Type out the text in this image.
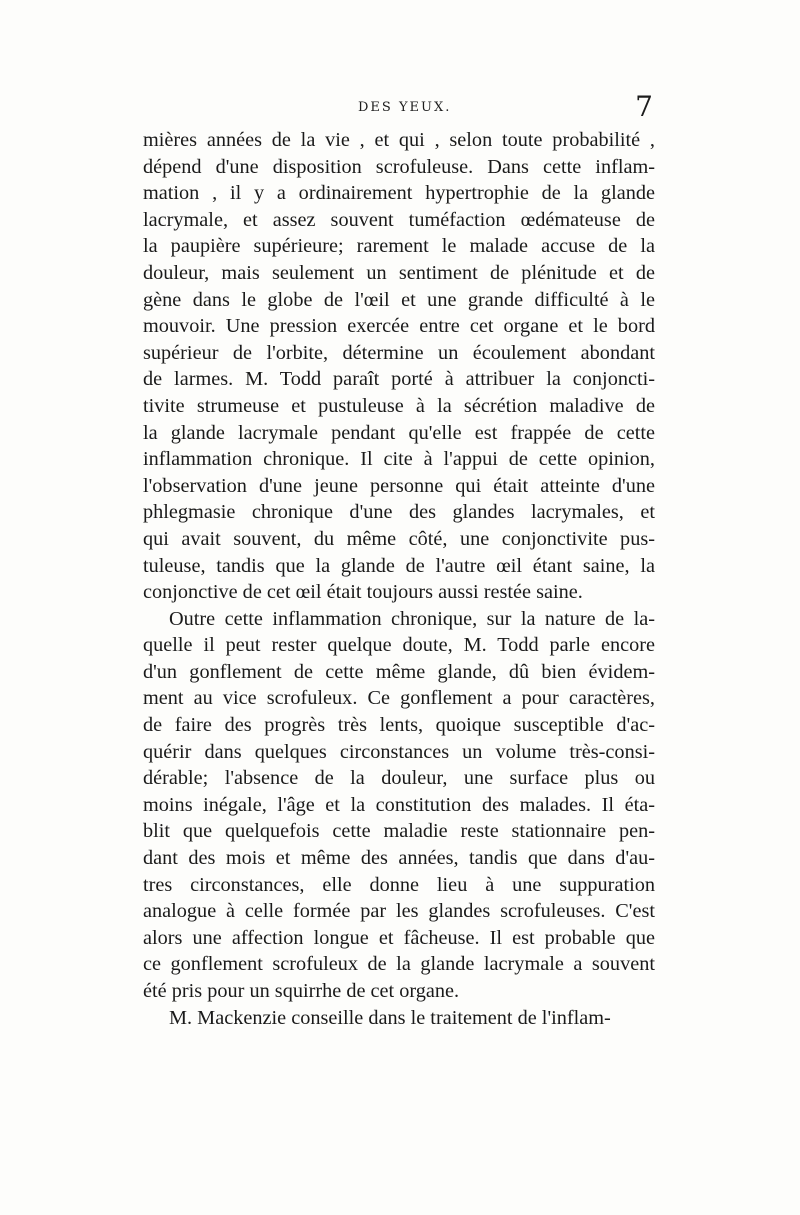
DES YEUX.	7
mières années de la vie , et qui , selon toute probabilité ,
dépend d'une disposition scrofuleuse. Dans cette inflam-
mation , il y a ordinairement hypertrophie de la glande
lacrymale, et assez souvent tuméfaction œdémateuse de
la paupière supérieure; rarement le malade accuse de la
douleur, mais seulement un sentiment de plénitude et de
gène dans le globe de l'œil et une grande difficulté à le
mouvoir. Une pression exercée entre cet organe et le bord
supérieur de l'orbite, détermine un écoulement abondant
de larmes. M. Todd paraît porté à attribuer la conjoncti-
tivite strumeuse et pustuleuse à la sécrétion maladive de
la glande lacrymale pendant qu'elle est frappée de cette
inflammation chronique. Il cite à l'appui de cette opinion,
l'observation d'une jeune personne qui était atteinte d'une
phlegmasie chronique d'une des glandes lacrymales, et
qui avait souvent, du même côté, une conjonctivite pus-
tuleuse, tandis que la glande de l'autre œil étant saine, la
conjonctive de cet œil était toujours aussi restée saine.
Outre cette inflammation chronique, sur la nature de la-
quelle il peut rester quelque doute, M. Todd parle encore
d'un gonflement de cette même glande, dû bien évidem-
ment au vice scrofuleux. Ce gonflement a pour caractères,
de faire des progrès très lents, quoique susceptible d'ac-
quérir dans quelques circonstances un volume très-consi-
dérable; l'absence de la douleur, une surface plus ou
moins inégale, l'âge et la constitution des malades. Il éta-
blit que quelquefois cette maladie reste stationnaire pen-
dant des mois et même des années, tandis que dans d'au-
tres circonstances, elle donne lieu à une suppuration
analogue à celle formée par les glandes scrofuleuses. C'est
alors une affection longue et fâcheuse. Il est probable que
ce gonflement scrofuleux de la glande lacrymale a souvent
été pris pour un squirrhe de cet organe.
M. Mackenzie conseille dans le traitement de l'inflam-
